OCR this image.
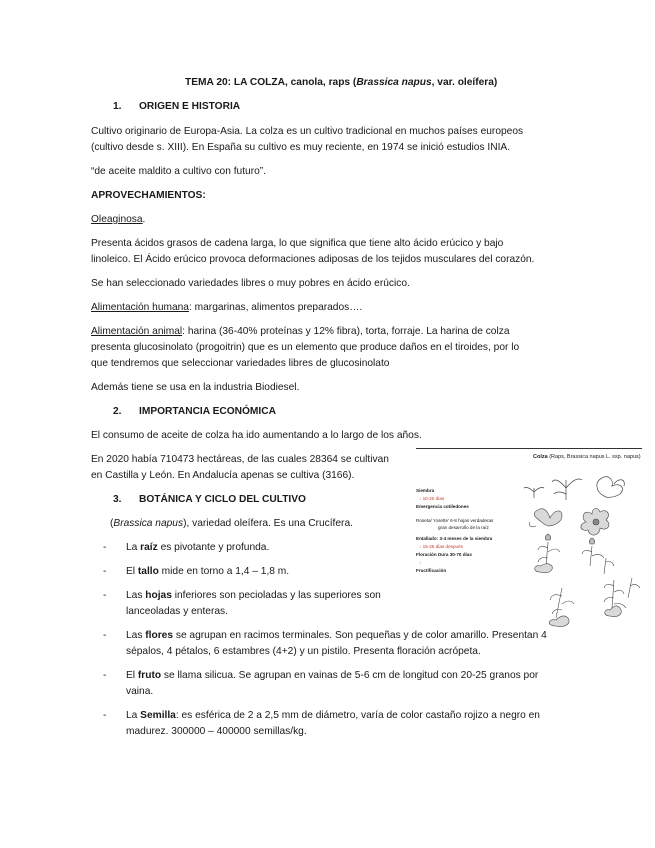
TEMA 20: LA COLZA, canola, raps (Brassica napus, var. oleífera)
1. ORIGEN E HISTORIA
Cultivo originario de Europa-Asia. La colza es un cultivo tradicional en muchos países europeos
(cultivo desde s. XIII). En España su cultivo es muy reciente, en 1974 se inició estudios INIA.
“de aceite maldito a cultivo con futuro”.
APROVECHAMIENTOS:
Oleaginosa.
Presenta ácidos grasos de cadena larga, lo que significa que tiene alto ácido erúcico y bajo
linoleico. El Ácido erúcico provoca deformaciones adiposas de los tejidos musculares del corazón.
Se han seleccionado variedades libres o muy pobres en ácido erúcico.
Alimentación humana: margarinas, alimentos preparados….
Alimentación animal: harina (36-40% proteínas y 12% fibra), torta, forraje. La harina de colza
presenta glucosinolato (progoitrin) que es un elemento que produce daños en el tiroides, por lo
que tendremos que seleccionar variedades libres de glucosinolato
Además tiene se usa en la industria Biodiesel.
2. IMPORTANCIA ECONÓMICA
El consumo de aceite de colza ha ido aumentando a lo largo de los años.
En 2020 había 710473 hectáreas, de las cuales 28364 se cultivan
en Castilla y León. En Andalucía apenas se cultiva (3166).
3. BOTÁNICA Y CICLO DEL CULTIVO
(Brassica napus), variedad oleífera. Es una Crucífera.
- La raíz es pivotante y profunda.
- El tallo mide en torno a 1,4 – 1,8 m.
- Las hojas inferiores son pecioladas y las superiores son
lanceoladas y enteras.
- Las flores se agrupan en racimos terminales. Son pequeñas y de color amarillo. Presentan 4
sépalos, 4 pétalos, 6 estambres (4+2) y un pistilo. Presenta floración acrópeta.
- El fruto se llama silicua. Se agrupan en vainas de 5-6 cm de longitud con 20-25 granos por
vaina.
- La Semilla: es esférica de 2 a 2,5 mm de diámetro, varía de color castaño rojizo a negro en
madurez. 300000 – 400000 semillas/kg.
Colza (Raps, Brassica napus L. ssp. napus)
Siembra
↓ 10-20 días
Emergencia cotiledones
Roseta/ 'rosette' 6-8 hojas verdaderas
gran desarrollo de la raíz
Entallado: 3-4 meses de la siembra
↓ 15-25 días después
Floración Dura 30-70 días
↓
Fructificación
